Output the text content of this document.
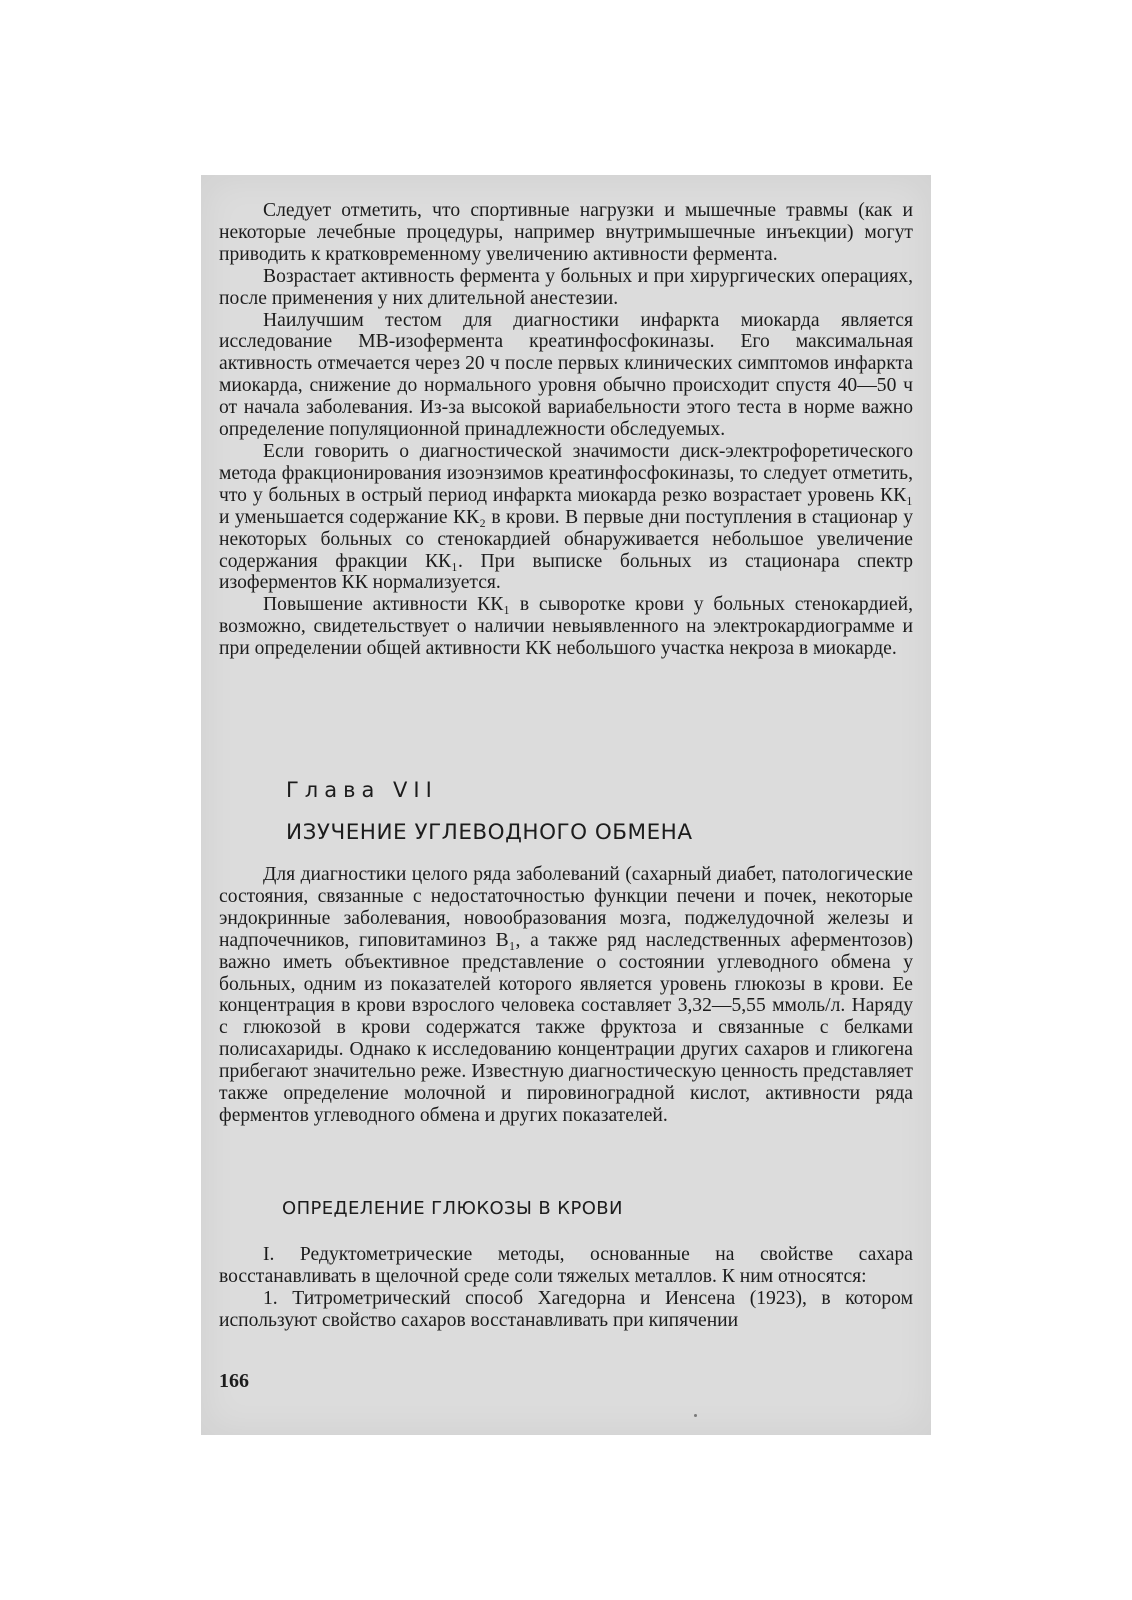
Следует отметить, что спортивные нагрузки и мышечные травмы (как и некоторые лечебные процедуры, например внутримышечные инъекции) могут приводить к кратковременному увеличению активности фермента.

Возрастает активность фермента у больных и при хирургических операциях, после применения у них длительной анестезии.

Наилучшим тестом для диагностики инфаркта миокарда является исследование МВ-изофермента креатинфосфокиназы. Его максимальная активность отмечается через 20 ч после первых клинических симптомов инфаркта миокарда, снижение до нормального уровня обычно происходит спустя 40—50 ч от начала заболевания. Из-за высокой вариабельности этого теста в норме важно определение популяционной принадлежности обследуемых.

Если говорить о диагностической значимости диск-электрофоретического метода фракционирования изоэнзимов креатинфосфокиназы, то следует отметить, что у больных в острый период инфаркта миокарда резко возрастает уровень КК₁ и уменьшается содержание КК₂ в крови. В первые дни поступления в стационар у некоторых больных со стенокардией обнаруживается небольшое увеличение содержания фракции КК₁. При выписке больных из стационара спектр изоферментов КК нормализуется.

Повышение активности КК₁ в сыворотке крови у больных стенокардией, возможно, свидетельствует о наличии невыявленного на электрокардиограмме и при определении общей активности КК небольшого участка некроза в миокарде.

Глава VII
ИЗУЧЕНИЕ УГЛЕВОДНОГО ОБМЕНА

Для диагностики целого ряда заболеваний (сахарный диабет, патологические состояния, связанные с недостаточностью функции печени и почек, некоторые эндокринные заболевания, новообразования мозга, поджелудочной железы и надпочечников, гиповитаминоз B₁, а также ряд наследственных аферментозов) важно иметь объективное представление о состоянии углеводного обмена у больных, одним из показателей которого является уровень глюкозы в крови. Ее концентрация в крови взрослого человека составляет 3,32—5,55 ммоль/л. Наряду с глюкозой в крови содержатся также фруктоза и связанные с белками полисахариды. Однако к исследованию концентрации других сахаров и гликогена прибегают значительно реже. Известную диагностическую ценность представляет также определение молочной и пировиноградной кислот, активности ряда ферментов углеводного обмена и других показателей.

ОПРЕДЕЛЕНИЕ ГЛЮКОЗЫ В КРОВИ

I. Редуктометрические методы, основанные на свойстве сахара восстанавливать в щелочной среде соли тяжелых металлов. К ним относятся:

1. Титрометрический способ Хагедорна и Иенсена (1923), в котором используют свойство сахаров восстанавливать при кипячении

166
